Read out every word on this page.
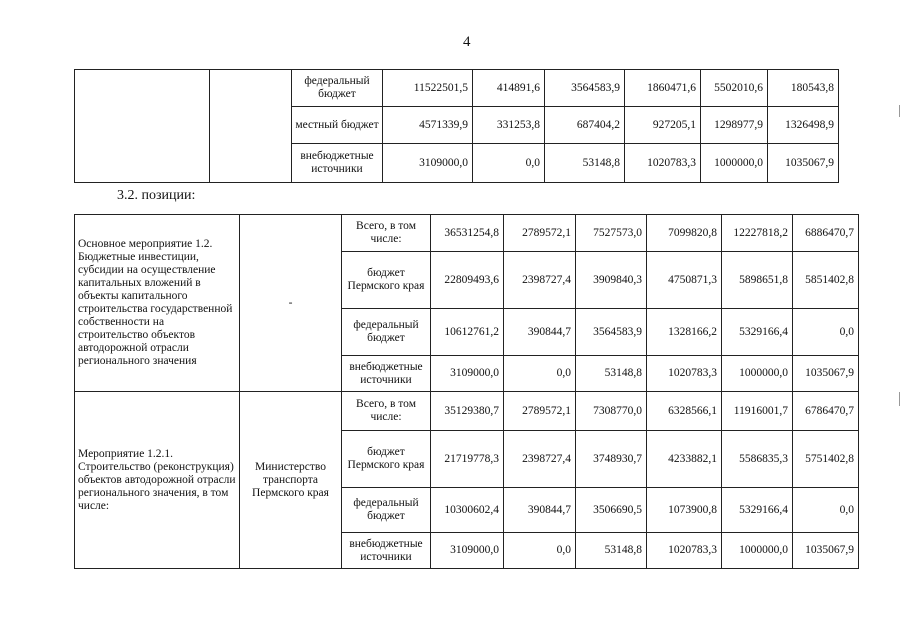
4
		федеральный бюджет	11522501,5	414891,6	3564583,9	1860471,6	5502010,6	180543,8
		местный бюджет	4571339,9	331253,8	687404,2	927205,1	1298977,9	1326498,9
		внебюджетные источники	3109000,0	0,0	53148,8	1020783,3	1000000,0	1035067,9
3.2. позиции:
Основное мероприятие 1.2. Бюджетные инвестиции, субсидии на осуществление капитальных вложений в объекты капитального строительства государственной собственности на строительство объектов автодорожной отрасли регионального значения	-	Всего, в том числе:	36531254,8	2789572,1	7527573,0	7099820,8	12227818,2	6886470,7
		бюджет Пермского края	22809493,6	2398727,4	3909840,3	4750871,3	5898651,8	5851402,8
		федеральный бюджет	10612761,2	390844,7	3564583,9	1328166,2	5329166,4	0,0
		внебюджетные источники	3109000,0	0,0	53148,8	1020783,3	1000000,0	1035067,9
Мероприятие 1.2.1. Строительство (реконструкция) объектов автодорожной отрасли регионального значения, в том числе:	Министерство транспорта Пермского края	Всего, в том числе:	35129380,7	2789572,1	7308770,0	6328566,1	11916001,7	6786470,7
		бюджет Пермского края	21719778,3	2398727,4	3748930,7	4233882,1	5586835,3	5751402,8
		федеральный бюджет	10300602,4	390844,7	3506690,5	1073900,8	5329166,4	0,0
		внебюджетные источники	3109000,0	0,0	53148,8	1020783,3	1000000,0	1035067,9
